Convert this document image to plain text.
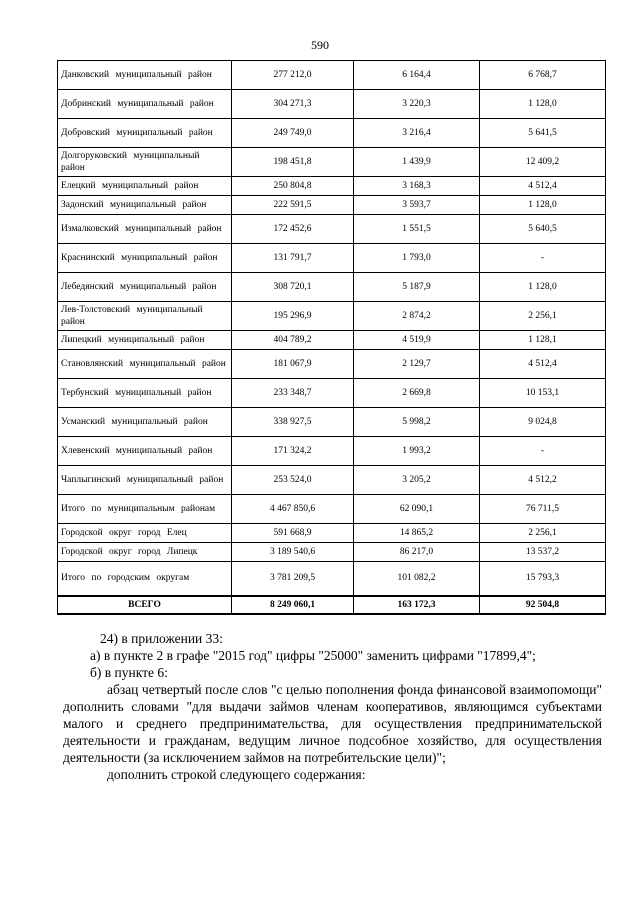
590
Данковский муниципальный район	277 212,0	6 164,4	6 768,7
Добринский муниципальный район	304 271,3	3 220,3	1 128,0
Добровский муниципальный район	249 749,0	3 216,4	5 641,5
Долгоруковский муниципальный район	198 451,8	1 439,9	12 409,2
Елецкий муниципальный район	250 804,8	3 168,3	4 512,4
Задонский муниципальный район	222 591,5	3 593,7	1 128,0
Измалковский муниципальный район	172 452,6	1 551,5	5 640,5
Краснинский муниципальный район	131 791,7	1 793,0	-
Лебедянский муниципальный район	308 720,1	5 187,9	1 128,0
Лев-Толстовский муниципальный район	195 296,9	2 874,2	2 256,1
Липецкий муниципальный район	404 789,2	4 519,9	1 128,1
Становлянский муниципальный район	181 067,9	2 129,7	4 512,4
Тербунский муниципальный район	233 348,7	2 669,8	10 153,1
Усманский муниципальный район	338 927,5	5 998,2	9 024,8
Хлевенский муниципальный район	171 324,2	1 993,2	-
Чаплыгинский муниципальный район	253 524,0	3 205,2	4 512,2
Итого по муниципальным районам	4 467 850,6	62 090,1	76 711,5
Городской округ город Елец	591 668,9	14 865,2	2 256,1
Городской округ город Липецк	3 189 540,6	86 217,0	13 537,2
Итого по городским округам	3 781 209,5	101 082,2	15 793,3
ВСЕГО	8 249 060,1	163 172,3	92 504,8

24) в приложении 33:

а) в пункте 2 в графе "2015 год" цифры "25000" заменить цифрами "17899,4";

б) в пункте 6:

абзац четвертый после слов "с целью пополнения фонда финансовой взаимопомощи" дополнить словами "для выдачи займов членам кооперативов, являющимся субъектами малого и среднего предпринимательства, для осуществления предпринимательской деятельности и гражданам, ведущим личное подсобное хозяйство, для осуществления деятельности (за исключением займов на потребительские цели)";

дополнить строкой следующего содержания:
